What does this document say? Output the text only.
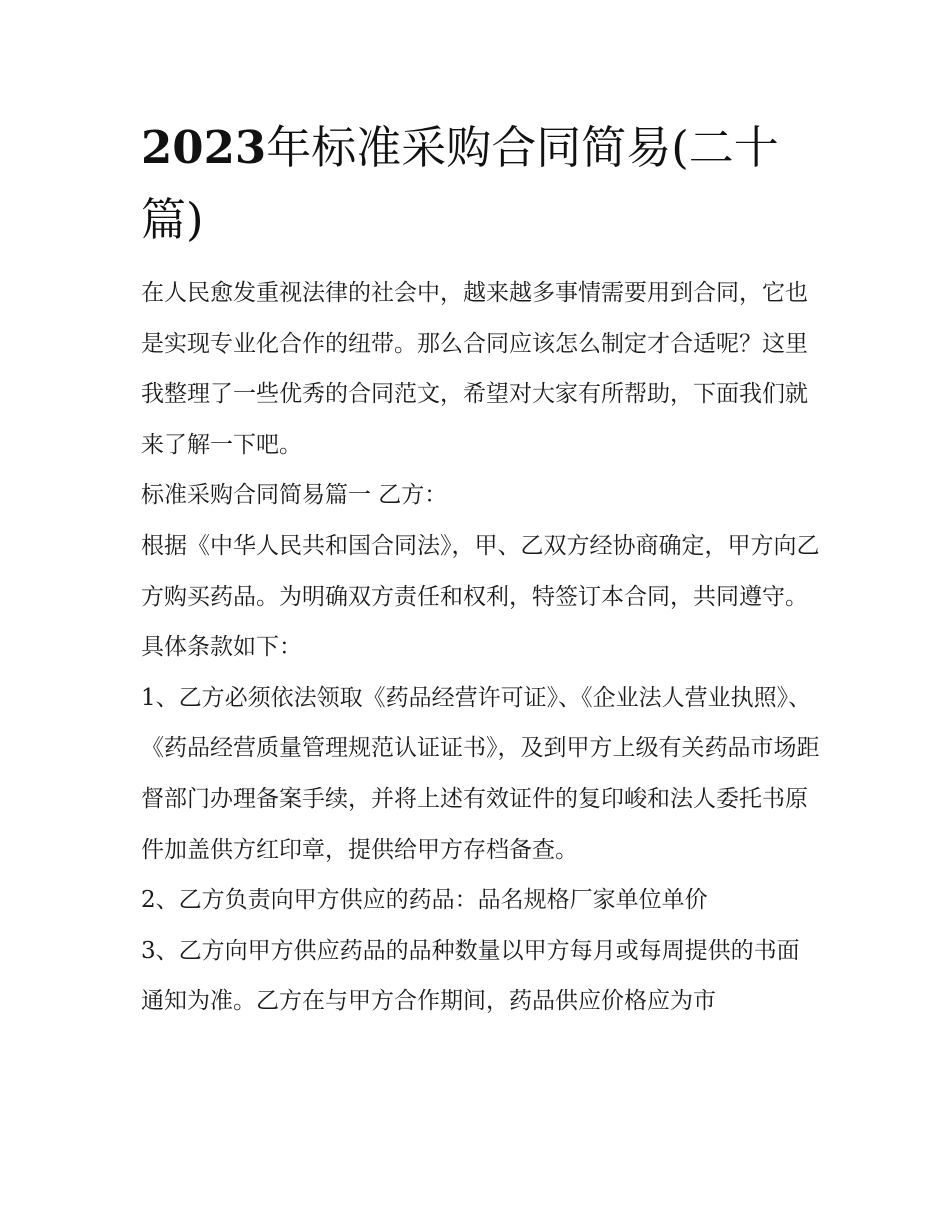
2023年标准采购合同简易(二十篇)

在人民愈发重视法律的社会中，越来越多事情需要用到合同，它也是实现专业化合作的纽带。那么合同应该怎么制定才合适呢？这里我整理了一些优秀的合同范文，希望对大家有所帮助，下面我们就来了解一下吧。

标准采购合同简易篇一 乙方：

根据《中华人民共和国合同法》，甲、乙双方经协商确定，甲方向乙方购买药品。为明确双方责任和权利，特签订本合同，共同遵守。具体条款如下：

1、乙方必须依法领取《药品经营许可证》、《企业法人营业执照》、《药品经营质量管理规范认证证书》，及到甲方上级有关药品市场距督部门办理备案手续，并将上述有效证件的复印峻和法人委托书原件加盖供方红印章，提供给甲方存档备查。

2、乙方负责向甲方供应的药品：品名规格厂家单位单价

3、乙方向甲方供应药品的品种数量以甲方每月或每周提供的书面通知为准。乙方在与甲方合作期间，药品供应价格应为市
